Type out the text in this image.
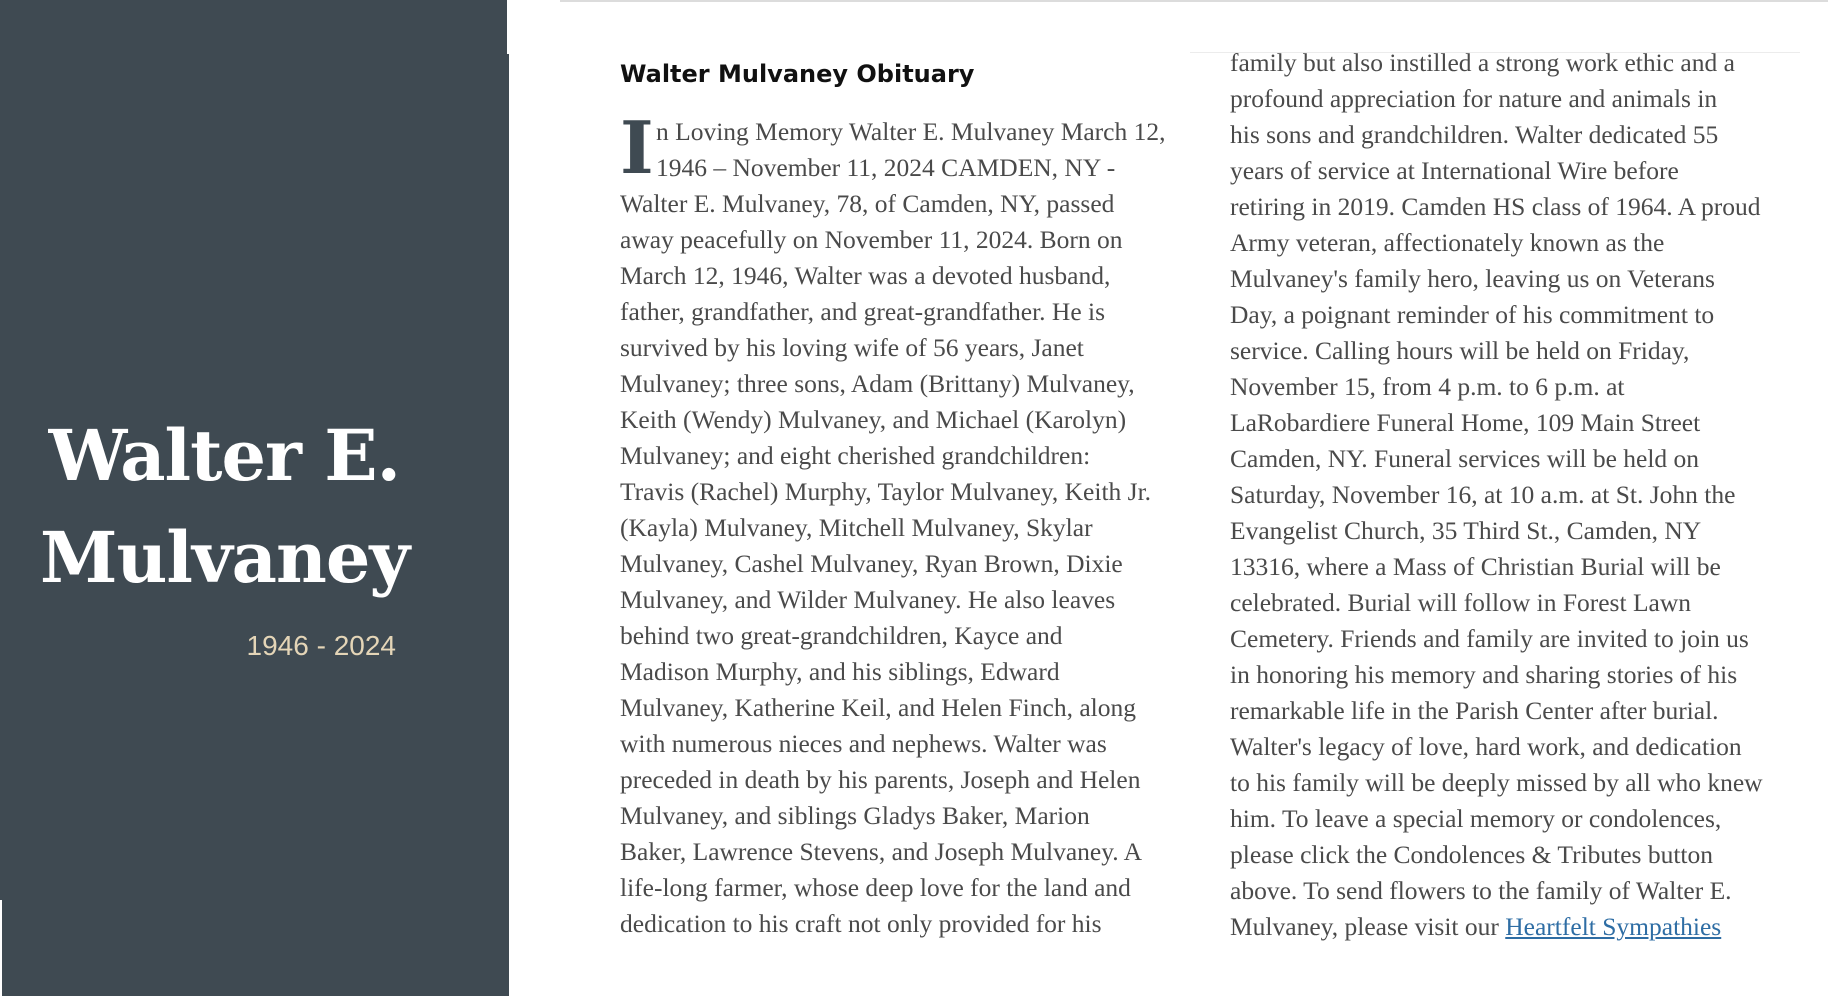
Walter E.
Mulvaney
1946 - 2024
Walter Mulvaney Obituary
I n Loving Memory Walter E. Mulvaney March 12,
1946 – November 11, 2024 CAMDEN, NY -
Walter E. Mulvaney, 78, of Camden, NY, passed
away peacefully on November 11, 2024. Born on
March 12, 1946, Walter was a devoted husband,
father, grandfather, and great-grandfather. He is
survived by his loving wife of 56 years, Janet
Mulvaney; three sons, Adam (Brittany) Mulvaney,
Keith (Wendy) Mulvaney, and Michael (Karolyn)
Mulvaney; and eight cherished grandchildren:
Travis (Rachel) Murphy, Taylor Mulvaney, Keith Jr.
(Kayla) Mulvaney, Mitchell Mulvaney, Skylar
Mulvaney, Cashel Mulvaney, Ryan Brown, Dixie
Mulvaney, and Wilder Mulvaney. He also leaves
behind two great-grandchildren, Kayce and
Madison Murphy, and his siblings, Edward
Mulvaney, Katherine Keil, and Helen Finch, along
with numerous nieces and nephews. Walter was
preceded in death by his parents, Joseph and Helen
Mulvaney, and siblings Gladys Baker, Marion
Baker, Lawrence Stevens, and Joseph Mulvaney. A
life-long farmer, whose deep love for the land and
dedication to his craft not only provided for his
family but also instilled a strong work ethic and a
profound appreciation for nature and animals in
his sons and grandchildren. Walter dedicated 55
years of service at International Wire before
retiring in 2019. Camden HS class of 1964. A proud
Army veteran, affectionately known as the
Mulvaney's family hero, leaving us on Veterans
Day, a poignant reminder of his commitment to
service. Calling hours will be held on Friday,
November 15, from 4 p.m. to 6 p.m. at
LaRobardiere Funeral Home, 109 Main Street
Camden, NY. Funeral services will be held on
Saturday, November 16, at 10 a.m. at St. John the
Evangelist Church, 35 Third St., Camden, NY
13316, where a Mass of Christian Burial will be
celebrated. Burial will follow in Forest Lawn
Cemetery. Friends and family are invited to join us
in honoring his memory and sharing stories of his
remarkable life in the Parish Center after burial.
Walter's legacy of love, hard work, and dedication
to his family will be deeply missed by all who knew
him. To leave a special memory or condolences,
please click the Condolences & Tributes button
above. To send flowers to the family of Walter E.
Mulvaney, please visit our Heartfelt Sympathies
